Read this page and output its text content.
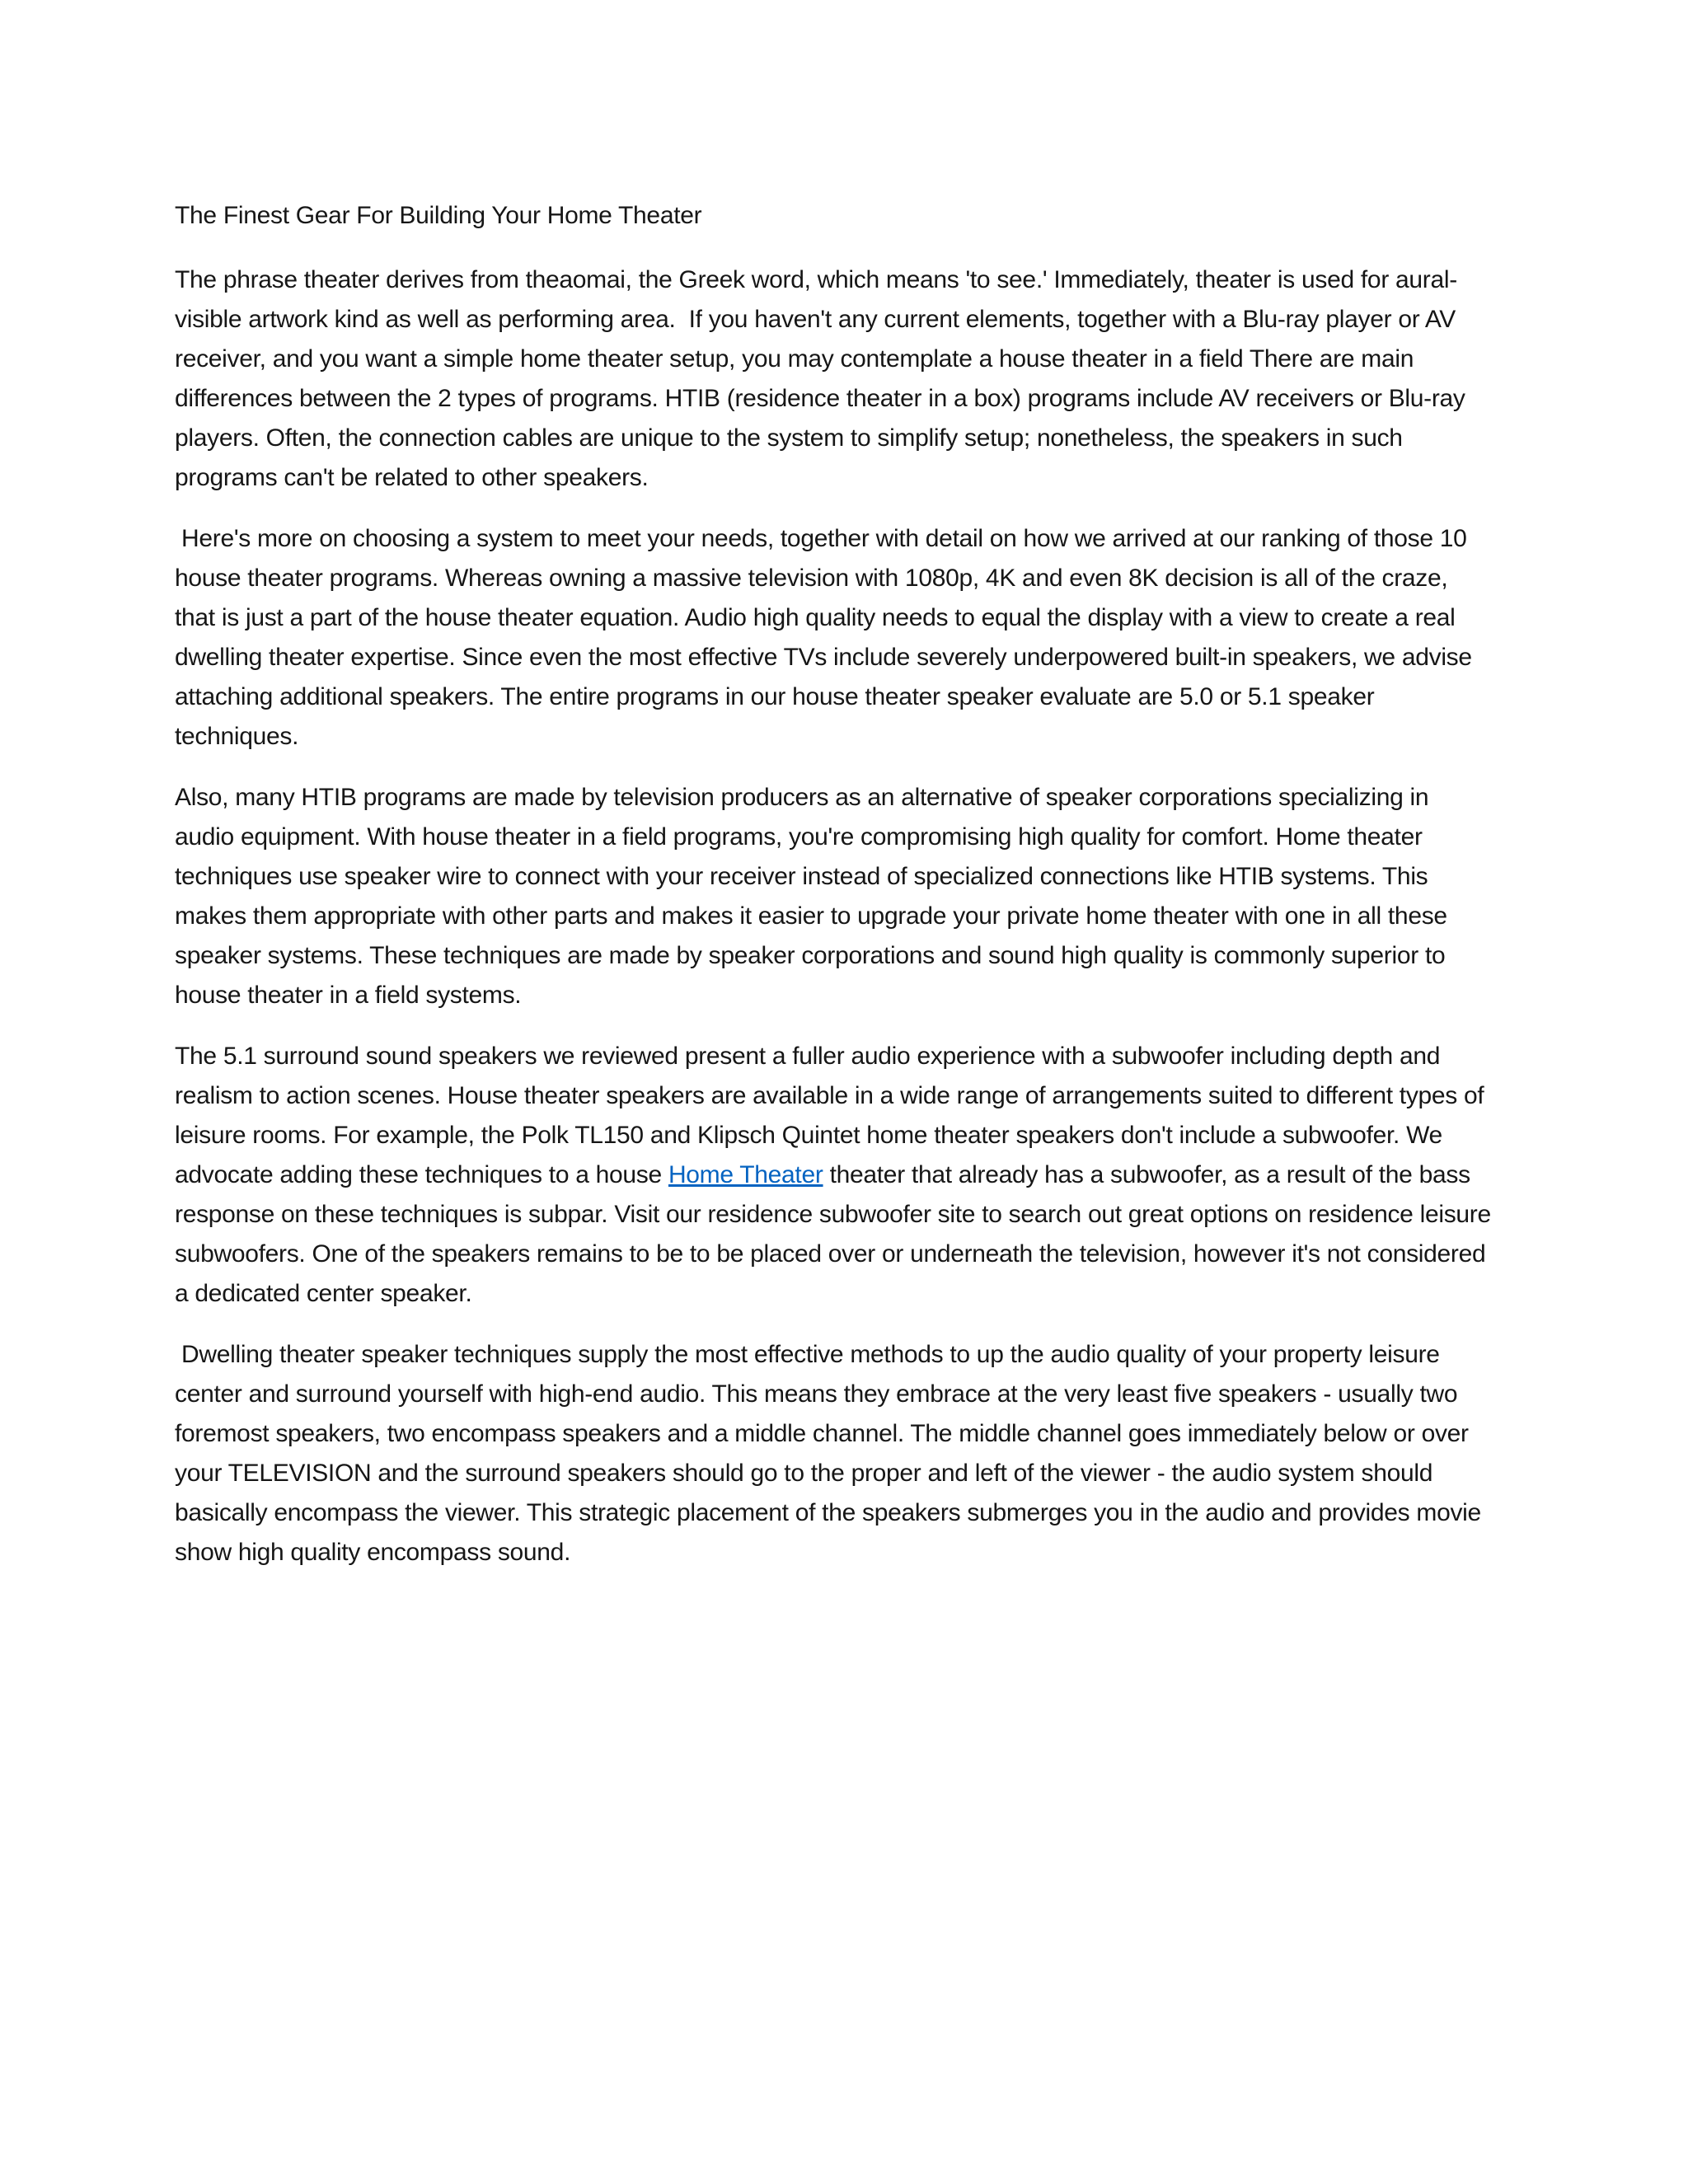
The Finest Gear For Building Your Home Theater

The phrase theater derives from theaomai, the Greek word, which means 'to see.' Immediately, theater is used for aural-visible artwork kind as well as performing area.  If you haven't any current elements, together with a Blu-ray player or AV receiver, and you want a simple home theater setup, you may contemplate a house theater in a field There are main differences between the 2 types of programs. HTIB (residence theater in a box) programs include AV receivers or Blu-ray players. Often, the connection cables are unique to the system to simplify setup; nonetheless, the speakers in such programs can't be related to other speakers.

Here's more on choosing a system to meet your needs, together with detail on how we arrived at our ranking of those 10 house theater programs. Whereas owning a massive television with 1080p, 4K and even 8K decision is all of the craze, that is just a part of the house theater equation. Audio high quality needs to equal the display with a view to create a real dwelling theater expertise. Since even the most effective TVs include severely underpowered built-in speakers, we advise attaching additional speakers. The entire programs in our house theater speaker evaluate are 5.0 or 5.1 speaker techniques.

Also, many HTIB programs are made by television producers as an alternative of speaker corporations specializing in audio equipment. With house theater in a field programs, you're compromising high quality for comfort. Home theater techniques use speaker wire to connect with your receiver instead of specialized connections like HTIB systems. This makes them appropriate with other parts and makes it easier to upgrade your private home theater with one in all these speaker systems. These techniques are made by speaker corporations and sound high quality is commonly superior to house theater in a field systems.

The 5.1 surround sound speakers we reviewed present a fuller audio experience with a subwoofer including depth and realism to action scenes. House theater speakers are available in a wide range of arrangements suited to different types of leisure rooms. For example, the Polk TL150 and Klipsch Quintet home theater speakers don't include a subwoofer. We advocate adding these techniques to a house Home Theater theater that already has a subwoofer, as a result of the bass response on these techniques is subpar. Visit our residence subwoofer site to search out great options on residence leisure subwoofers. One of the speakers remains to be to be placed over or underneath the television, however it's not considered a dedicated center speaker.

Dwelling theater speaker techniques supply the most effective methods to up the audio quality of your property leisure center and surround yourself with high-end audio. This means they embrace at the very least five speakers - usually two foremost speakers, two encompass speakers and a middle channel. The middle channel goes immediately below or over your TELEVISION and the surround speakers should go to the proper and left of the viewer - the audio system should basically encompass the viewer. This strategic placement of the speakers submerges you in the audio and provides movie show high quality encompass sound.
